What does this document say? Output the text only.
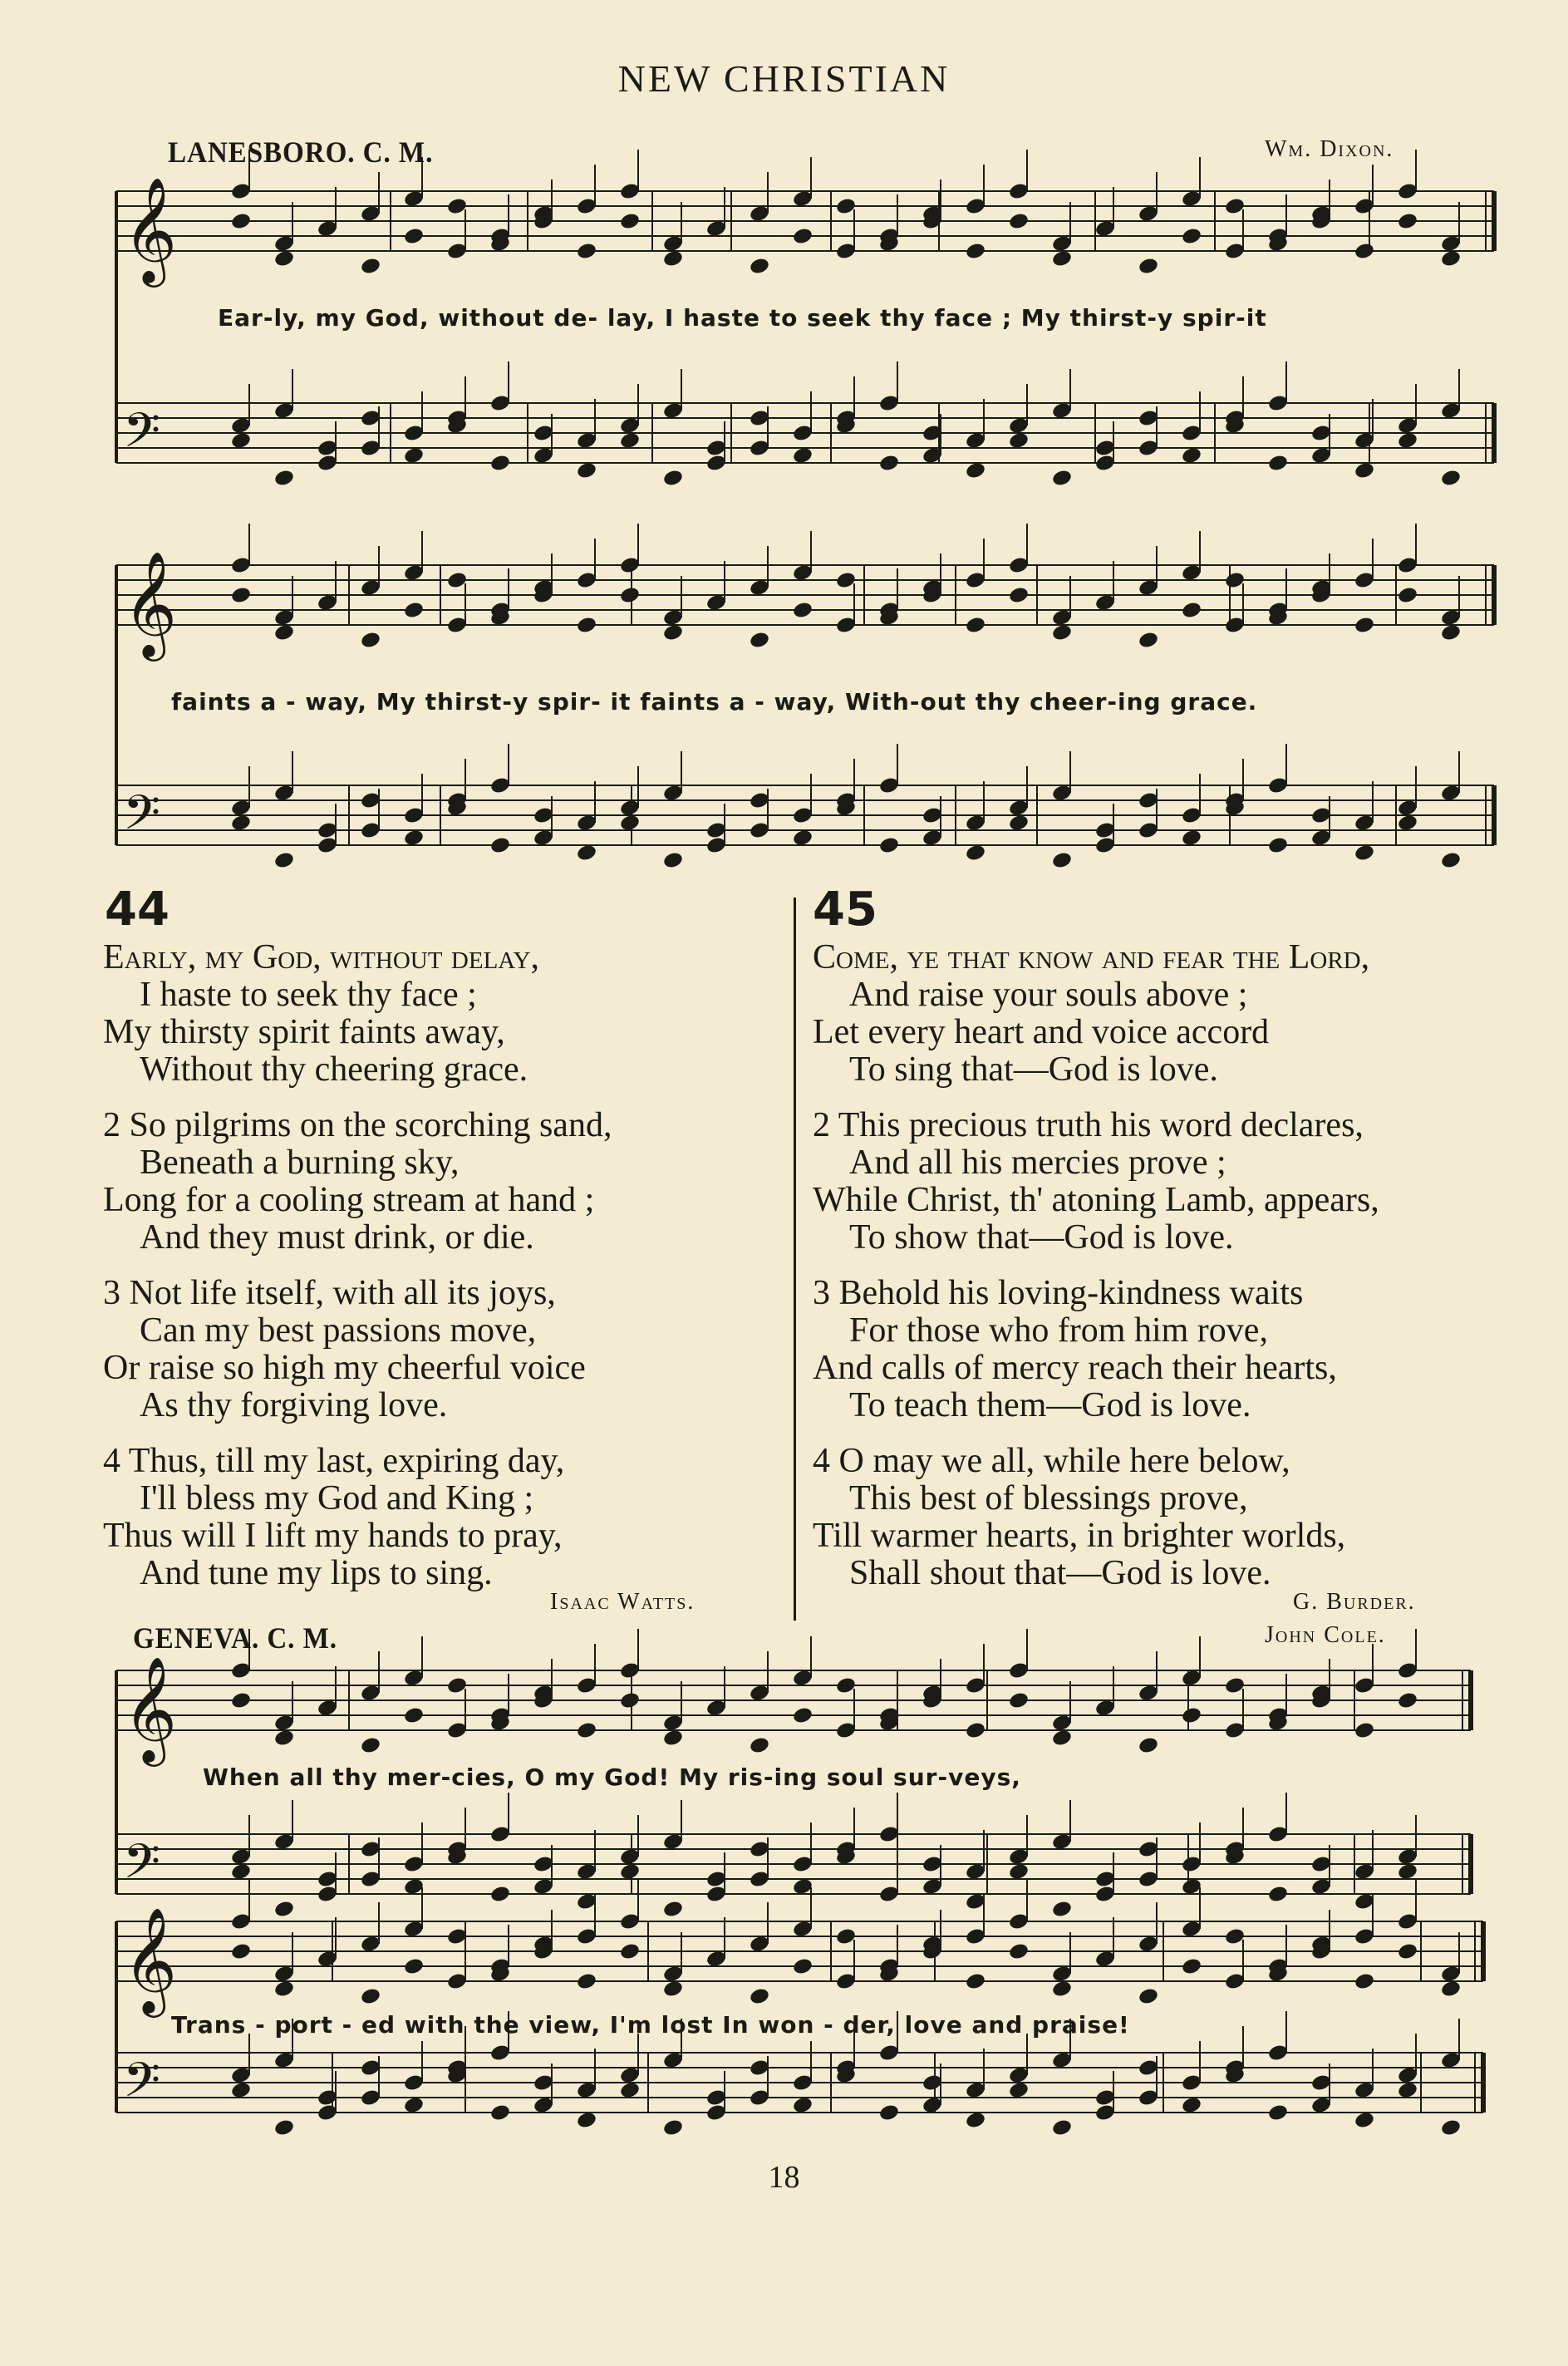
NEW CHRISTIAN
𝄞
𝄢
𝄞
𝄢
𝄞
𝄢
𝄞
𝄢
LANESBORO. C. M.	Wm. Dixon.
Ear-ly, my God, without de- lay, I haste to seek thy face ; My thirst-y spir-it
faints a - way, My thirst-y spir- it faints a - way, With-out thy cheer-ing grace.
44
Early, my God, without delay,
I haste to seek thy face ;
My thirsty spirit faints away,
Without thy cheering grace.
2 So pilgrims on the scorching sand,
Beneath a burning sky,
Long for a cooling stream at hand ;
And they must drink, or die.
3 Not life itself, with all its joys,
Can my best passions move,
Or raise so high my cheerful voice
As thy forgiving love.
4 Thus, till my last, expiring day,
I'll bless my God and King ;
Thus will I lift my hands to pray,
And tune my lips to sing.
Isaac Watts.
45
Come, ye that know and fear the Lord,
And raise your souls above ;
Let every heart and voice accord
To sing that—God is love.
2 This precious truth his word declares,
And all his mercies prove ;
While Christ, th' atoning Lamb, appears,
To show that—God is love.
3 Behold his loving-kindness waits
For those who from him rove,
And calls of mercy reach their hearts,
To teach them—God is love.
4 O may we all, while here below,
This best of blessings prove,
Till warmer hearts, in brighter worlds,
Shall shout that—God is love.
G. Burder.
GENEVA. C. M.	John Cole.
When all thy mer-cies, O my God! My ris-ing soul sur-veys,
Trans - port - ed with the view, I'm lost In won - der, love and praise!
18
